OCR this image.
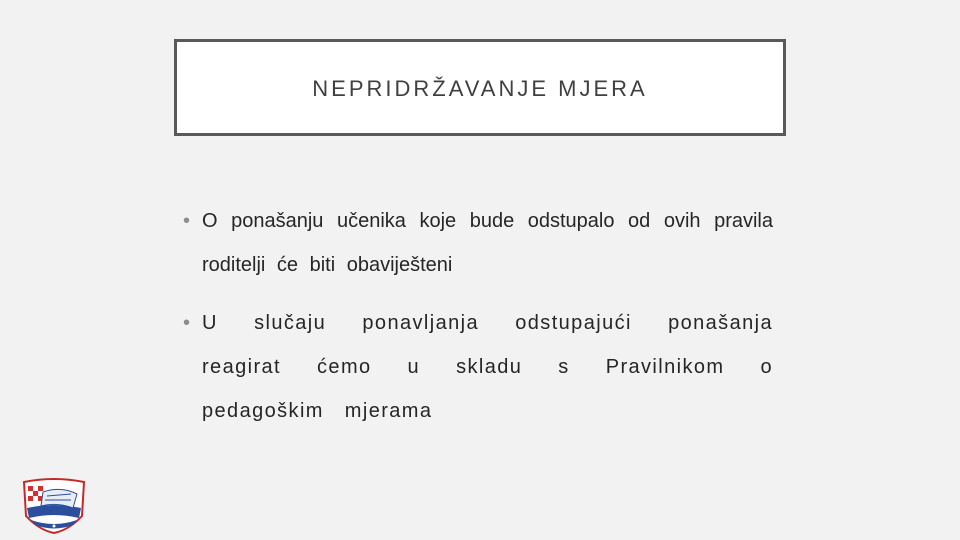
NEPRIDRŽAVANJE MJERA
• O ponašanju učenika koje bude odstupalo od ovih pravila roditelji će biti obaviješteni
• U slučaju ponavljanja odstupajući ponašanja reagirat ćemo u skladu s Pravilnikom o pedagoškim mjerama
